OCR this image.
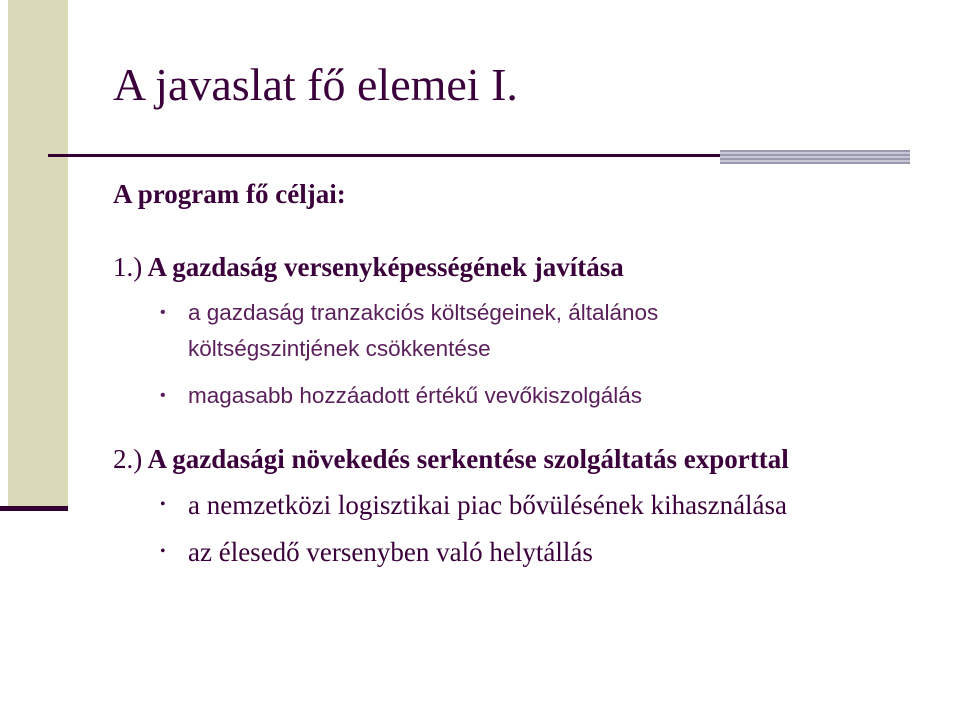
A javaslat fő elemei I.
A program fő céljai:
1.) A gazdaság versenyképességének javítása
• a gazdaság tranzakciós költségeinek, általános
költségszintjének csökkentése
• magasabb hozzáadott értékű vevőkiszolgálás
2.) A gazdasági növekedés serkentése szolgáltatás exporttal
• a nemzetközi logisztikai piac bővülésének kihasználása
• az élesedő versenyben való helytállás
